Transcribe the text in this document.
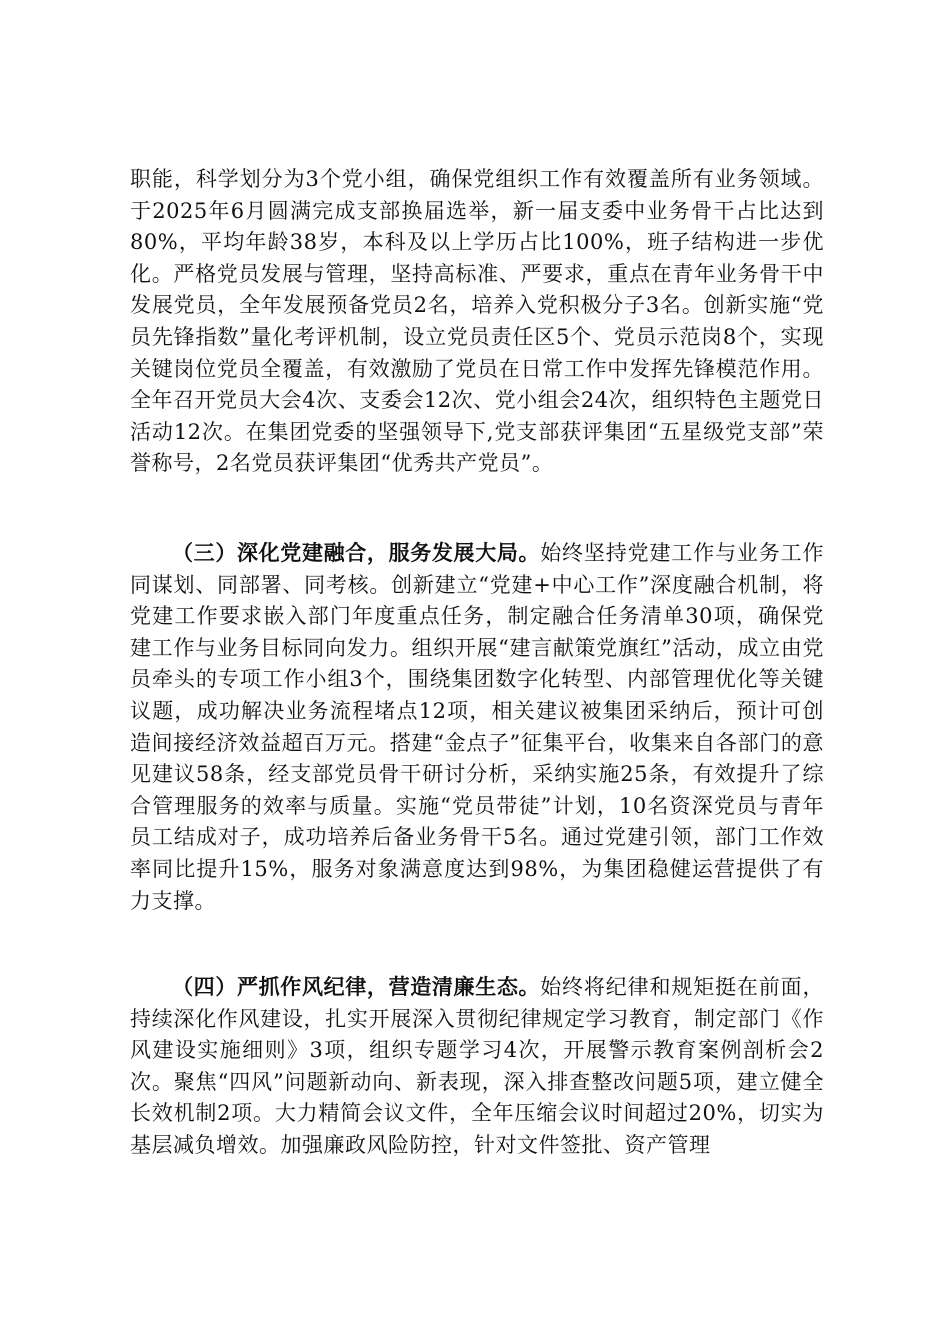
职能，科学划分为3个党小组，确保党组织工作有效覆盖所有业务领域。于2025年6月圆满完成支部换届选举，新一届支委中业务骨干占比达到80%，平均年龄38岁，本科及以上学历占比100%，班子结构进一步优化。严格党员发展与管理，坚持高标准、严要求，重点在青年业务骨干中发展党员，全年发展预备党员2名，培养入党积极分子3名。创新实施“党员先锋指数”量化考评机制，设立党员责任区5个、党员示范岗8个，实现关键岗位党员全覆盖，有效激励了党员在日常工作中发挥先锋模范作用。全年召开党员大会4次、支委会12次、党小组会24次，组织特色主题党日活动12次。在集团党委的坚强领导下,党支部获评集团“五星级党支部”荣誉称号，2名党员获评集团“优秀共产党员”。

（三）深化党建融合，服务发展大局。始终坚持党建工作与业务工作同谋划、同部署、同考核。创新建立“党建+中心工作”深度融合机制，将党建工作要求嵌入部门年度重点任务，制定融合任务清单30项，确保党建工作与业务目标同向发力。组织开展“建言献策党旗红”活动，成立由党员牵头的专项工作小组3个，围绕集团数字化转型、内部管理优化等关键议题，成功解决业务流程堵点12项，相关建议被集团采纳后，预计可创造间接经济效益超百万元。搭建“金点子”征集平台，收集来自各部门的意见建议58条，经支部党员骨干研讨分析，采纳实施25条，有效提升了综合管理服务的效率与质量。实施“党员带徒”计划，10名资深党员与青年员工结成对子，成功培养后备业务骨干5名。通过党建引领，部门工作效率同比提升15%，服务对象满意度达到98%，为集团稳健运营提供了有力支撑。

（四）严抓作风纪律，营造清廉生态。始终将纪律和规矩挺在前面，持续深化作风建设，扎实开展深入贯彻纪律规定学习教育，制定部门《作风建设实施细则》3项，组织专题学习4次，开展警示教育案例剖析会2次。聚焦“四风”问题新动向、新表现，深入排查整改问题5项，建立健全长效机制2项。大力精简会议文件，全年压缩会议时间超过20%，切实为基层减负增效。加强廉政风险防控，针对文件签批、资产管理
